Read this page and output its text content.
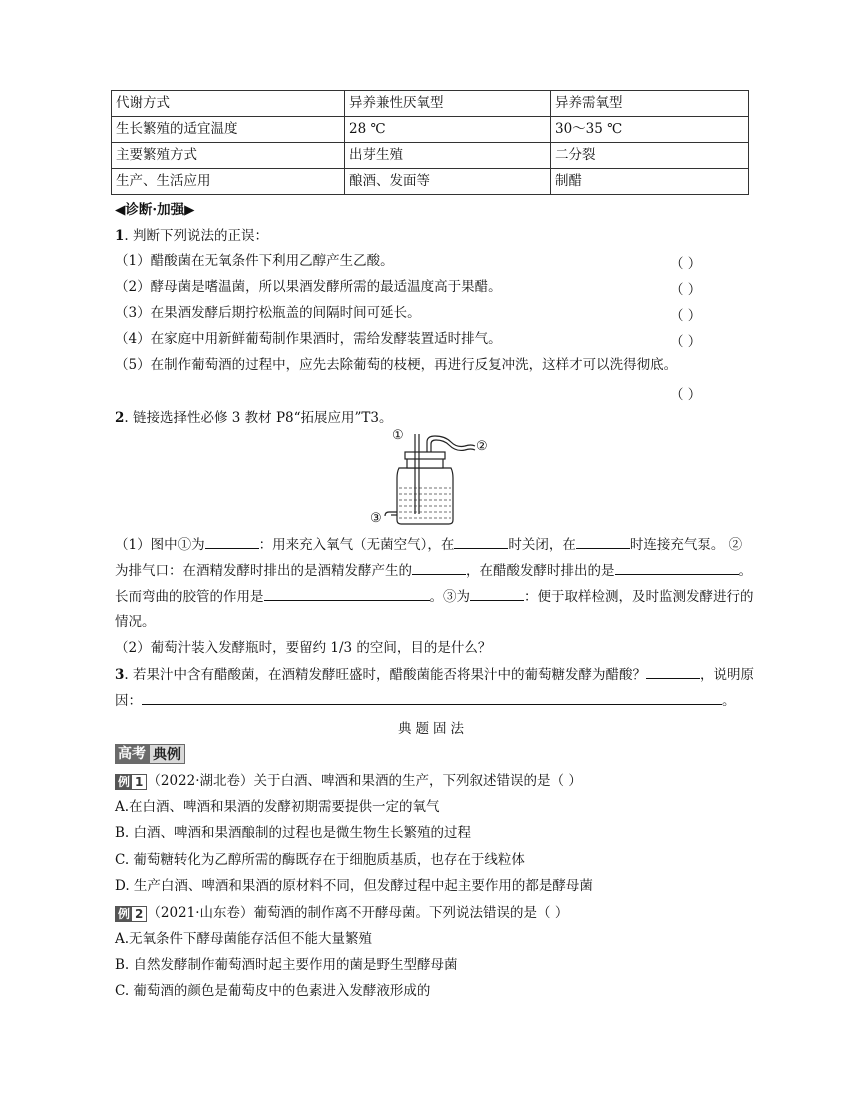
代谢方式	异养兼性厌氧型	异养需氧型
生长繁殖的适宜温度	28 ℃	30～35 ℃
主要繁殖方式	出芽生殖	二分裂
生产、生活应用	酿酒、发面等	制醋
◀诊断·加强▶
1. 判断下列说法的正误：
（1）醋酸菌在无氧条件下利用乙醇产生乙酸。	（ ）
（2）酵母菌是嗜温菌，所以果酒发酵所需的最适温度高于果醋。	（ ）
（3）在果酒发酵后期拧松瓶盖的间隔时间可延长。	（ ）
（4）在家庭中用新鲜葡萄制作果酒时，需给发酵装置适时排气。	（ ）
（5）在制作葡萄酒的过程中，应先去除葡萄的枝梗，再进行反复冲洗，这样才可以洗得彻底。
（ ）
2. 链接选择性必修 3 教材 P8“拓展应用”T3。
①
②
③
（1）图中①为	：用来充入氧气（无菌空气），在	时关闭，在	时连接充气泵。 ②
为排气口：在酒精发酵时排出的是酒精发酵产生的	，在醋酸发酵时排出的是	。
长而弯曲的胶管的作用是	。③为	：便于取样检测，及时监测发酵进行的
情况。
（2）葡萄汁装入发酵瓶时，要留约 1/3 的空间，目的是什么？
3. 若果汁中含有醋酸菌，在酒精发酵旺盛时，醋酸菌能否将果汁中的葡萄糖发酵为醋酸？	，说明原
因：	。
典题固法
高考 典例
例 1 （2022·湖北卷）关于白酒、啤酒和果酒的生产，下列叙述错误的是（ ）
A.在白酒、啤酒和果酒的发酵初期需要提供一定的氧气
B. 白酒、啤酒和果酒酿制的过程也是微生物生长繁殖的过程
C. 葡萄糖转化为乙醇所需的酶既存在于细胞质基质，也存在于线粒体
D. 生产白酒、啤酒和果酒的原材料不同，但发酵过程中起主要作用的都是酵母菌
例 2 （2021·山东卷）葡萄酒的制作离不开酵母菌。下列说法错误的是（ ）
A.无氧条件下酵母菌能存活但不能大量繁殖
B. 自然发酵制作葡萄酒时起主要作用的菌是野生型酵母菌
C. 葡萄酒的颜色是葡萄皮中的色素进入发酵液形成的
